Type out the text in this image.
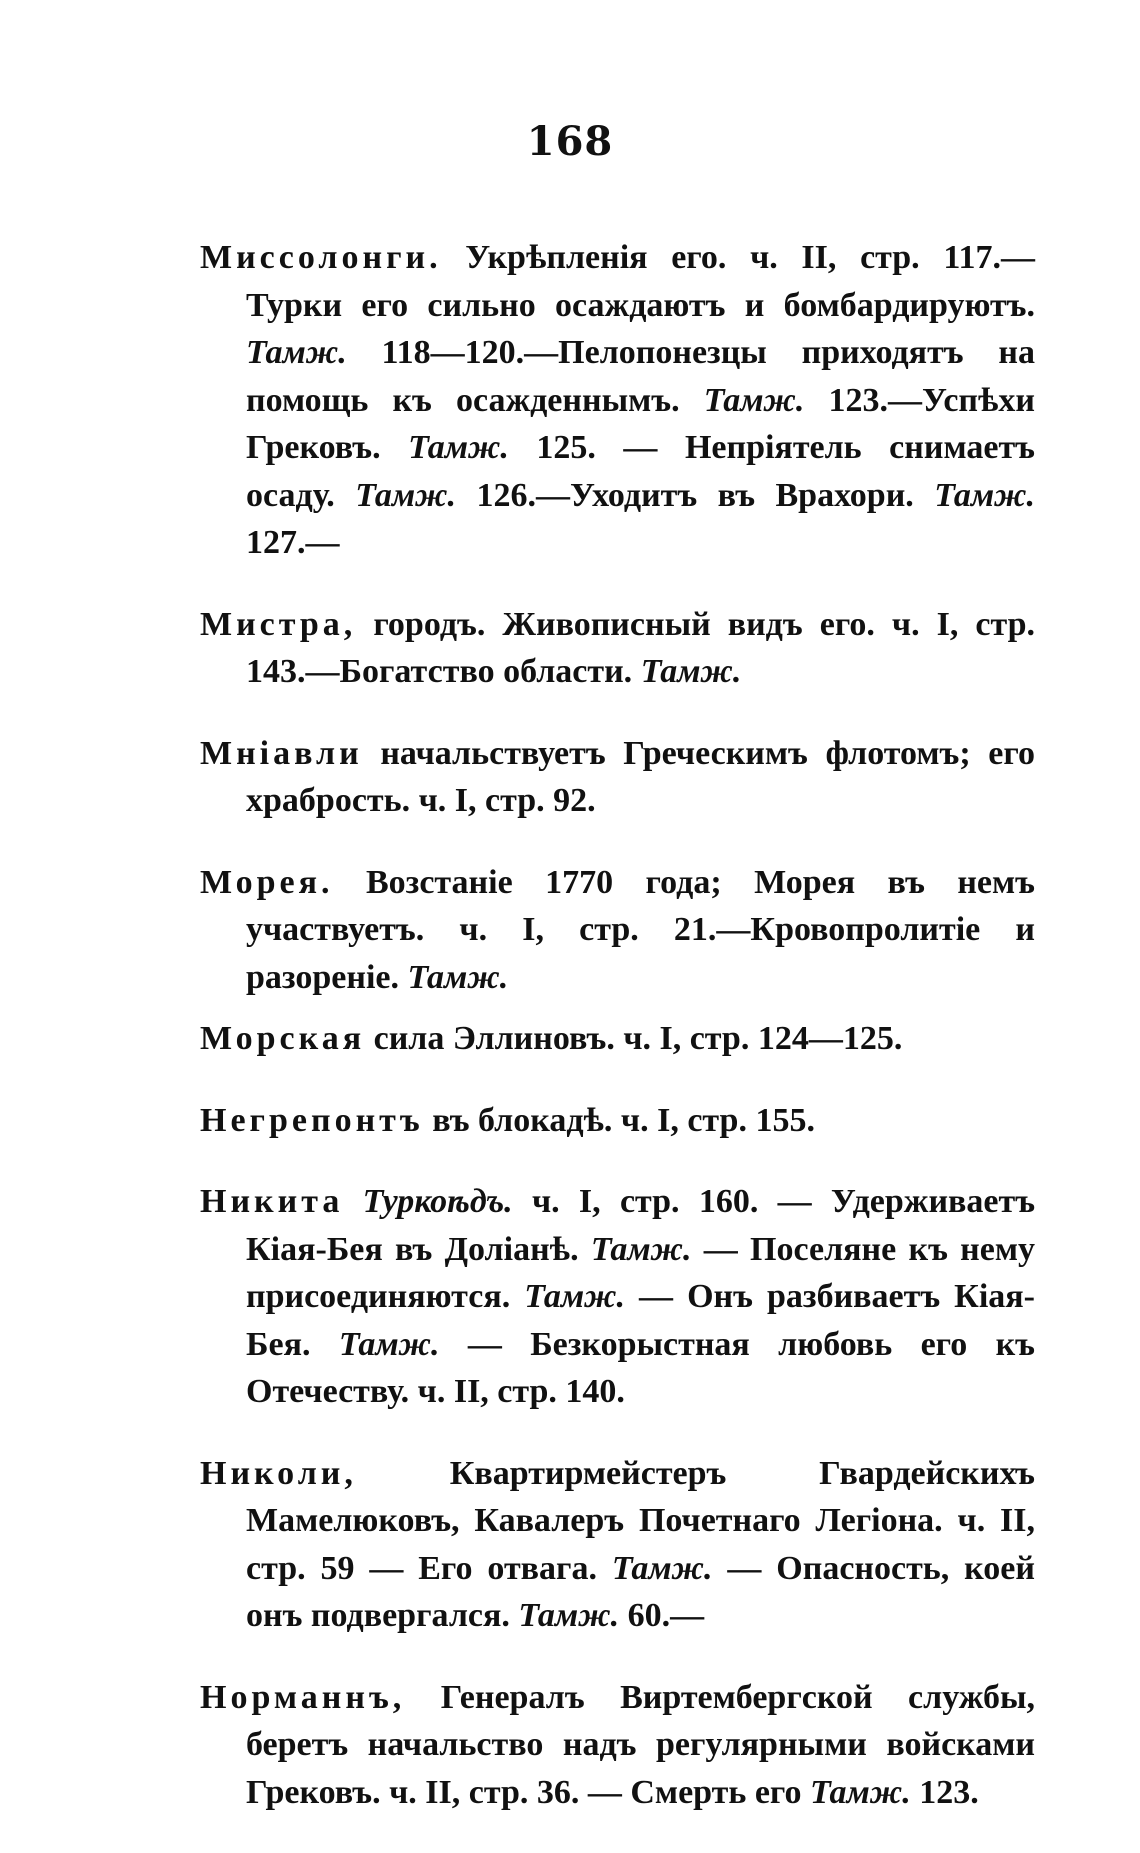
168

Миссолонги. Укрѣпленія его. ч. II, стр. 117.— Турки его сильно осаждаютъ и бомбардируютъ. Тамж. 118—120.—Пелопонезцы приходятъ на помощь къ осажденнымъ. Тамж. 123.—Успѣхи Грековъ. Тамж. 125. — Непріятель снимаетъ осаду. Тамж. 126.—Уходитъ въ Врахори. Тамж. 127.—

Мистра, городъ. Живописный видъ его. ч. I, стр. 143.—Богатство области. Тамж.

Мніавли начальствуетъ Греческимъ флотомъ; его храбрость. ч. I, стр. 92.

Морея. Возстаніе 1770 года; Морея въ немъ участвуетъ. ч. I, стр. 21.—Кровопролитіе и разореніе. Тамж.

Морская сила Эллиновъ. ч. I, стр. 124—125.

Негрепонтъ въ блокадѣ. ч. I, стр. 155.

Никита Туркоѣдъ. ч. I, стр. 160. — Удерживаетъ Кіая-Бея въ Доліанѣ. Тамж. — Поселяне къ нему присоединяются. Тамж. — Онъ разбиваетъ Кіая-Бея. Тамж. — Безкорыстная любовь его къ Отечеству. ч. II, стр. 140.

Николи, Квартирмейстеръ Гвардейскихъ Мамелюковъ, Кавалеръ Почетнаго Легіона. ч. II, стр. 59 — Его отвага. Тамж. — Опасность, коей онъ подвергался. Тамж. 60.—

Норманнъ, Генералъ Виртембергской службы, беретъ начальство надъ регулярными войсками Грековъ. ч. II, стр. 36. — Смерть его Тамж. 123.
